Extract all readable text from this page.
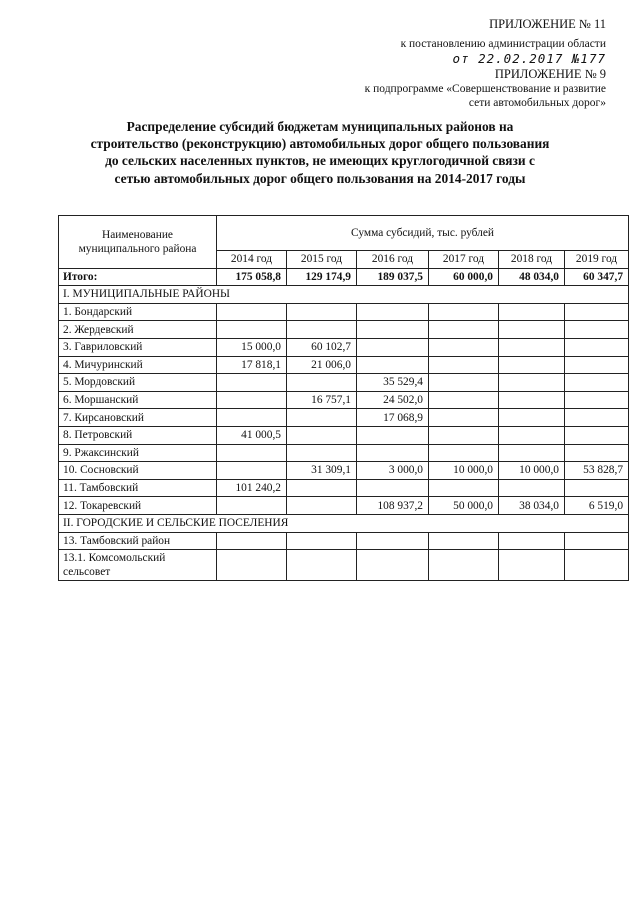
ПРИЛОЖЕНИЕ № 11
к постановлению администрации области
от 22.02.2017 №177
ПРИЛОЖЕНИЕ № 9
к подпрограмме «Совершенствование и развитие
сети автомобильных дорог»
Распределение субсидий бюджетам муниципальных районов на строительство (реконструкцию) автомобильных дорог общего пользования до сельских населенных пунктов, не имеющих круглогодичной связи с сетью автомобильных дорог общего пользования на 2014-2017 годы
Наименование муниципального района	Сумма субсидий, тыс. рублей					
	2014 год	2015 год	2016 год	2017 год	2018 год	2019 год
Итого:	175 058,8	129 174,9	189 037,5	60 000,0	48 034,0	60 347,7
I. МУНИЦИПАЛЬНЫЕ РАЙОНЫ						
1. Бондарский						
2. Жердевский						
3. Гавриловский	15 000,0	60 102,7				
4. Мичуринский	17 818,1	21 006,0				
5. Мордовский			35 529,4			
6. Моршанский		16 757,1	24 502,0			
7. Кирсановский			17 068,9			
8. Петровский	41 000,5					
9. Ржаксинский						
10. Сосновский		31 309,1	3 000,0	10 000,0	10 000,0	53 828,7
11. Тамбовский	101 240,2					
12. Токаревский			108 937,2	50 000,0	38 034,0	6 519,0
II. ГОРОДСКИЕ И СЕЛЬСКИЕ ПОСЕЛЕНИЯ						
13. Тамбовский район						
13.1. Комсомольский сельсовет						
